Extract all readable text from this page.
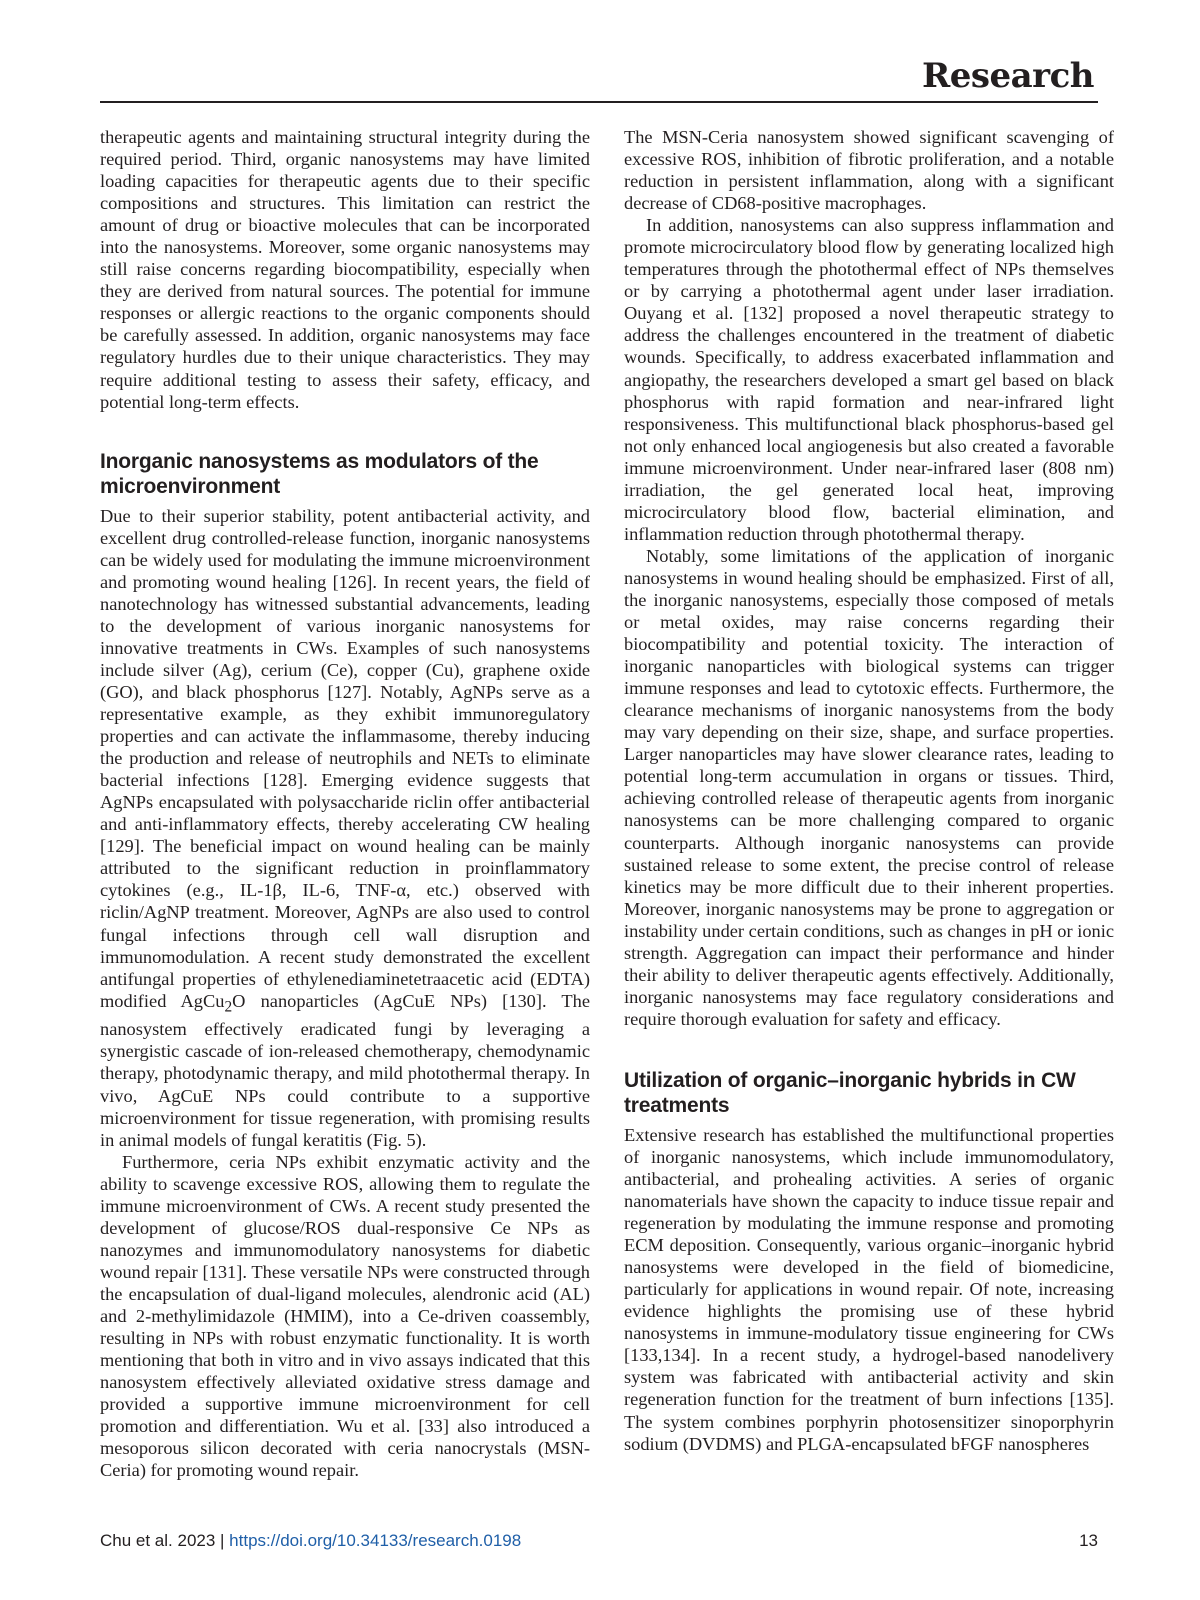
Research

therapeutic agents and maintaining structural integrity during the required period. Third, organic nanosystems may have limited loading capacities for therapeutic agents due to their specific compositions and structures. This limitation can restrict the amount of drug or bioactive molecules that can be incorporated into the nanosystems. Moreover, some organic nanosystems may still raise concerns regarding biocompatibility, especially when they are derived from natural sources. The potential for immune responses or allergic reactions to the organic components should be carefully assessed. In addition, organic nanosystems may face regulatory hurdles due to their unique characteristics. They may require additional testing to assess their safety, efficacy, and potential long-term effects.

Inorganic nanosystems as modulators of the microenvironment

Due to their superior stability, potent antibacterial activity, and excellent drug controlled-release function, inorganic nanosystems can be widely used for modulating the immune microenvironment and promoting wound healing [126]. In recent years, the field of nanotechnology has witnessed substantial advancements, leading to the development of various inorganic nanosystems for innovative treatments in CWs. Examples of such nanosystems include silver (Ag), cerium (Ce), copper (Cu), graphene oxide (GO), and black phosphorus [127]. Notably, AgNPs serve as a representative example, as they exhibit immunoregulatory properties and can activate the inflammasome, thereby inducing the production and release of neutrophils and NETs to eliminate bacterial infections [128]. Emerging evidence suggests that AgNPs encapsulated with polysaccharide riclin offer antibacterial and anti-inflammatory effects, thereby accelerating CW healing [129]. The beneficial impact on wound healing can be mainly attributed to the significant reduction in proinflammatory cytokines (e.g., IL-1β, IL-6, TNF-α, etc.) observed with riclin/AgNP treatment. Moreover, AgNPs are also used to control fungal infections through cell wall disruption and immunomodulation. A recent study demonstrated the excellent antifungal properties of ethylenediaminetetraacetic acid (EDTA) modified AgCu$_2$O nanoparticles (AgCuE NPs) [130]. The nanosystem effectively eradicated fungi by leveraging a synergistic cascade of ion-released chemotherapy, chemodynamic therapy, photodynamic therapy, and mild photothermal therapy. In vivo, AgCuE NPs could contribute to a supportive microenvironment for tissue regeneration, with promising results in animal models of fungal keratitis (Fig. 5).

Furthermore, ceria NPs exhibit enzymatic activity and the ability to scavenge excessive ROS, allowing them to regulate the immune microenvironment of CWs. A recent study presented the development of glucose/ROS dual-responsive Ce NPs as nanozymes and immunomodulatory nanosystems for diabetic wound repair [131]. These versatile NPs were constructed through the encapsulation of dual-ligand molecules, alendronic acid (AL) and 2-methylimidazole (HMIM), into a Ce-driven coassembly, resulting in NPs with robust enzymatic functionality. It is worth mentioning that both in vitro and in vivo assays indicated that this nanosystem effectively alleviated oxidative stress damage and provided a supportive immune microenvironment for cell promotion and differentiation. Wu et al. [33] also introduced a mesoporous silicon decorated with ceria nanocrystals (MSN-Ceria) for promoting wound repair.

The MSN-Ceria nanosystem showed significant scavenging of excessive ROS, inhibition of fibrotic proliferation, and a notable reduction in persistent inflammation, along with a significant decrease of CD68-positive macrophages.

In addition, nanosystems can also suppress inflammation and promote microcirculatory blood flow by generating localized high temperatures through the photothermal effect of NPs themselves or by carrying a photothermal agent under laser irradiation. Ouyang et al. [132] proposed a novel therapeutic strategy to address the challenges encountered in the treatment of diabetic wounds. Specifically, to address exacerbated inflammation and angiopathy, the researchers developed a smart gel based on black phosphorus with rapid formation and near-infrared light responsiveness. This multifunctional black phosphorus-based gel not only enhanced local angiogenesis but also created a favorable immune microenvironment. Under near-infrared laser (808 nm) irradiation, the gel generated local heat, improving microcirculatory blood flow, bacterial elimination, and inflammation reduction through photothermal therapy.

Notably, some limitations of the application of inorganic nanosystems in wound healing should be emphasized. First of all, the inorganic nanosystems, especially those composed of metals or metal oxides, may raise concerns regarding their biocompatibility and potential toxicity. The interaction of inorganic nanoparticles with biological systems can trigger immune responses and lead to cytotoxic effects. Furthermore, the clearance mechanisms of inorganic nanosystems from the body may vary depending on their size, shape, and surface properties. Larger nanoparticles may have slower clearance rates, leading to potential long-term accumulation in organs or tissues. Third, achieving controlled release of therapeutic agents from inorganic nanosystems can be more challenging compared to organic counterparts. Although inorganic nanosystems can provide sustained release to some extent, the precise control of release kinetics may be more difficult due to their inherent properties. Moreover, inorganic nanosystems may be prone to aggregation or instability under certain conditions, such as changes in pH or ionic strength. Aggregation can impact their performance and hinder their ability to deliver therapeutic agents effectively. Additionally, inorganic nanosystems may face regulatory considerations and require thorough evaluation for safety and efficacy.

Utilization of organic–inorganic hybrids in CW treatments

Extensive research has established the multifunctional properties of inorganic nanosystems, which include immunomodulatory, antibacterial, and prohealing activities. A series of organic nanomaterials have shown the capacity to induce tissue repair and regeneration by modulating the immune response and promoting ECM deposition. Consequently, various organic–inorganic hybrid nanosystems were developed in the field of biomedicine, particularly for applications in wound repair. Of note, increasing evidence highlights the promising use of these hybrid nanosystems in immune-modulatory tissue engineering for CWs [133,134]. In a recent study, a hydrogel-based nanodelivery system was fabricated with antibacterial activity and skin regeneration function for the treatment of burn infections [135]. The system combines porphyrin photosensitizer sinoporphyrin sodium (DVDMS) and PLGA-encapsulated bFGF nanospheres

Chu et al. 2023 | https://doi.org/10.34133/research.0198	13
